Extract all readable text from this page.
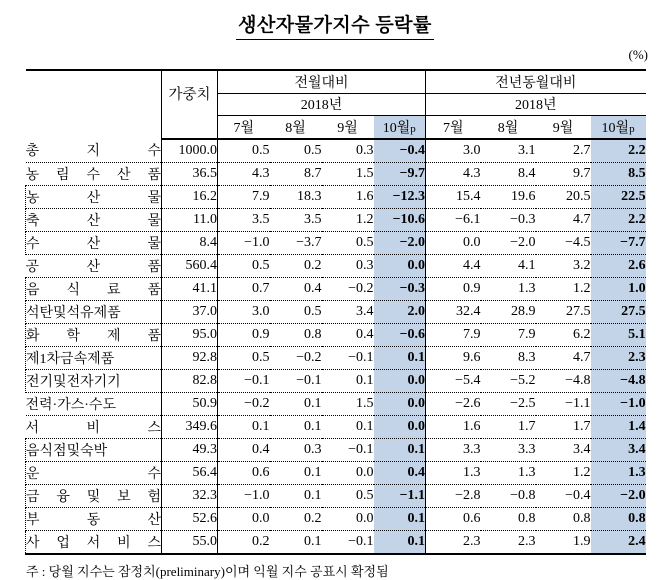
생산자물가지수 등락률
(%)
	가중치	전월대비				전년동월대비			
		2018년				2018년			
		7월	8월	9월	10월p	7월	8월	9월	10월p
총 지 수	1000.0	0.5	0.5	0.3	−0.4	3.0	3.1	2.7	2.2
농 림 수 산 품	36.5	4.3	8.7	1.5	−9.7	4.3	8.4	9.7	8.5
농 산 물	16.2	7.9	18.3	1.6	−12.3	15.4	19.6	20.5	22.5
축 산 물	11.0	3.5	3.5	1.2	−10.6	−6.1	−0.3	4.7	2.2
수 산 물	8.4	−1.0	−3.7	0.5	−2.0	0.0	−2.0	−4.5	−7.7
공 산 품	560.4	0.5	0.2	0.3	0.0	4.4	4.1	3.2	2.6
음 식 료 품	41.1	0.7	0.4	−0.2	−0.3	0.9	1.3	1.2	1.0
석탄및석유제품	37.0	3.0	0.5	3.4	2.0	32.4	28.9	27.5	27.5
화 학 제 품	95.0	0.9	0.8	0.4	−0.6	7.9	7.9	6.2	5.1
제1차금속제품	92.8	0.5	−0.2	−0.1	0.1	9.6	8.3	4.7	2.3
전기및전자기기	82.8	−0.1	−0.1	0.1	0.0	−5.4	−5.2	−4.8	−4.8
전력·가스·수도	50.9	−0.2	0.1	1.5	0.0	−2.6	−2.5	−1.1	−1.0
서 비 스	349.6	0.1	0.1	0.1	0.0	1.6	1.7	1.7	1.4
음식점및숙박	49.3	0.4	0.3	−0.1	0.1	3.3	3.3	3.4	3.4
운 수	56.4	0.6	0.1	0.0	0.4	1.3	1.3	1.2	1.3
금 융 및 보 험	32.3	−1.0	0.1	0.5	−1.1	−2.8	−0.8	−0.4	−2.0
부 동 산	52.6	0.0	0.2	0.0	0.1	0.6	0.8	0.8	0.8
사 업 서 비 스	55.0	0.2	0.1	−0.1	0.1	2.3	2.3	1.9	2.4
주 : 당월 지수는 잠정치(preliminary)이며 익월 지수 공표시 확정됨
